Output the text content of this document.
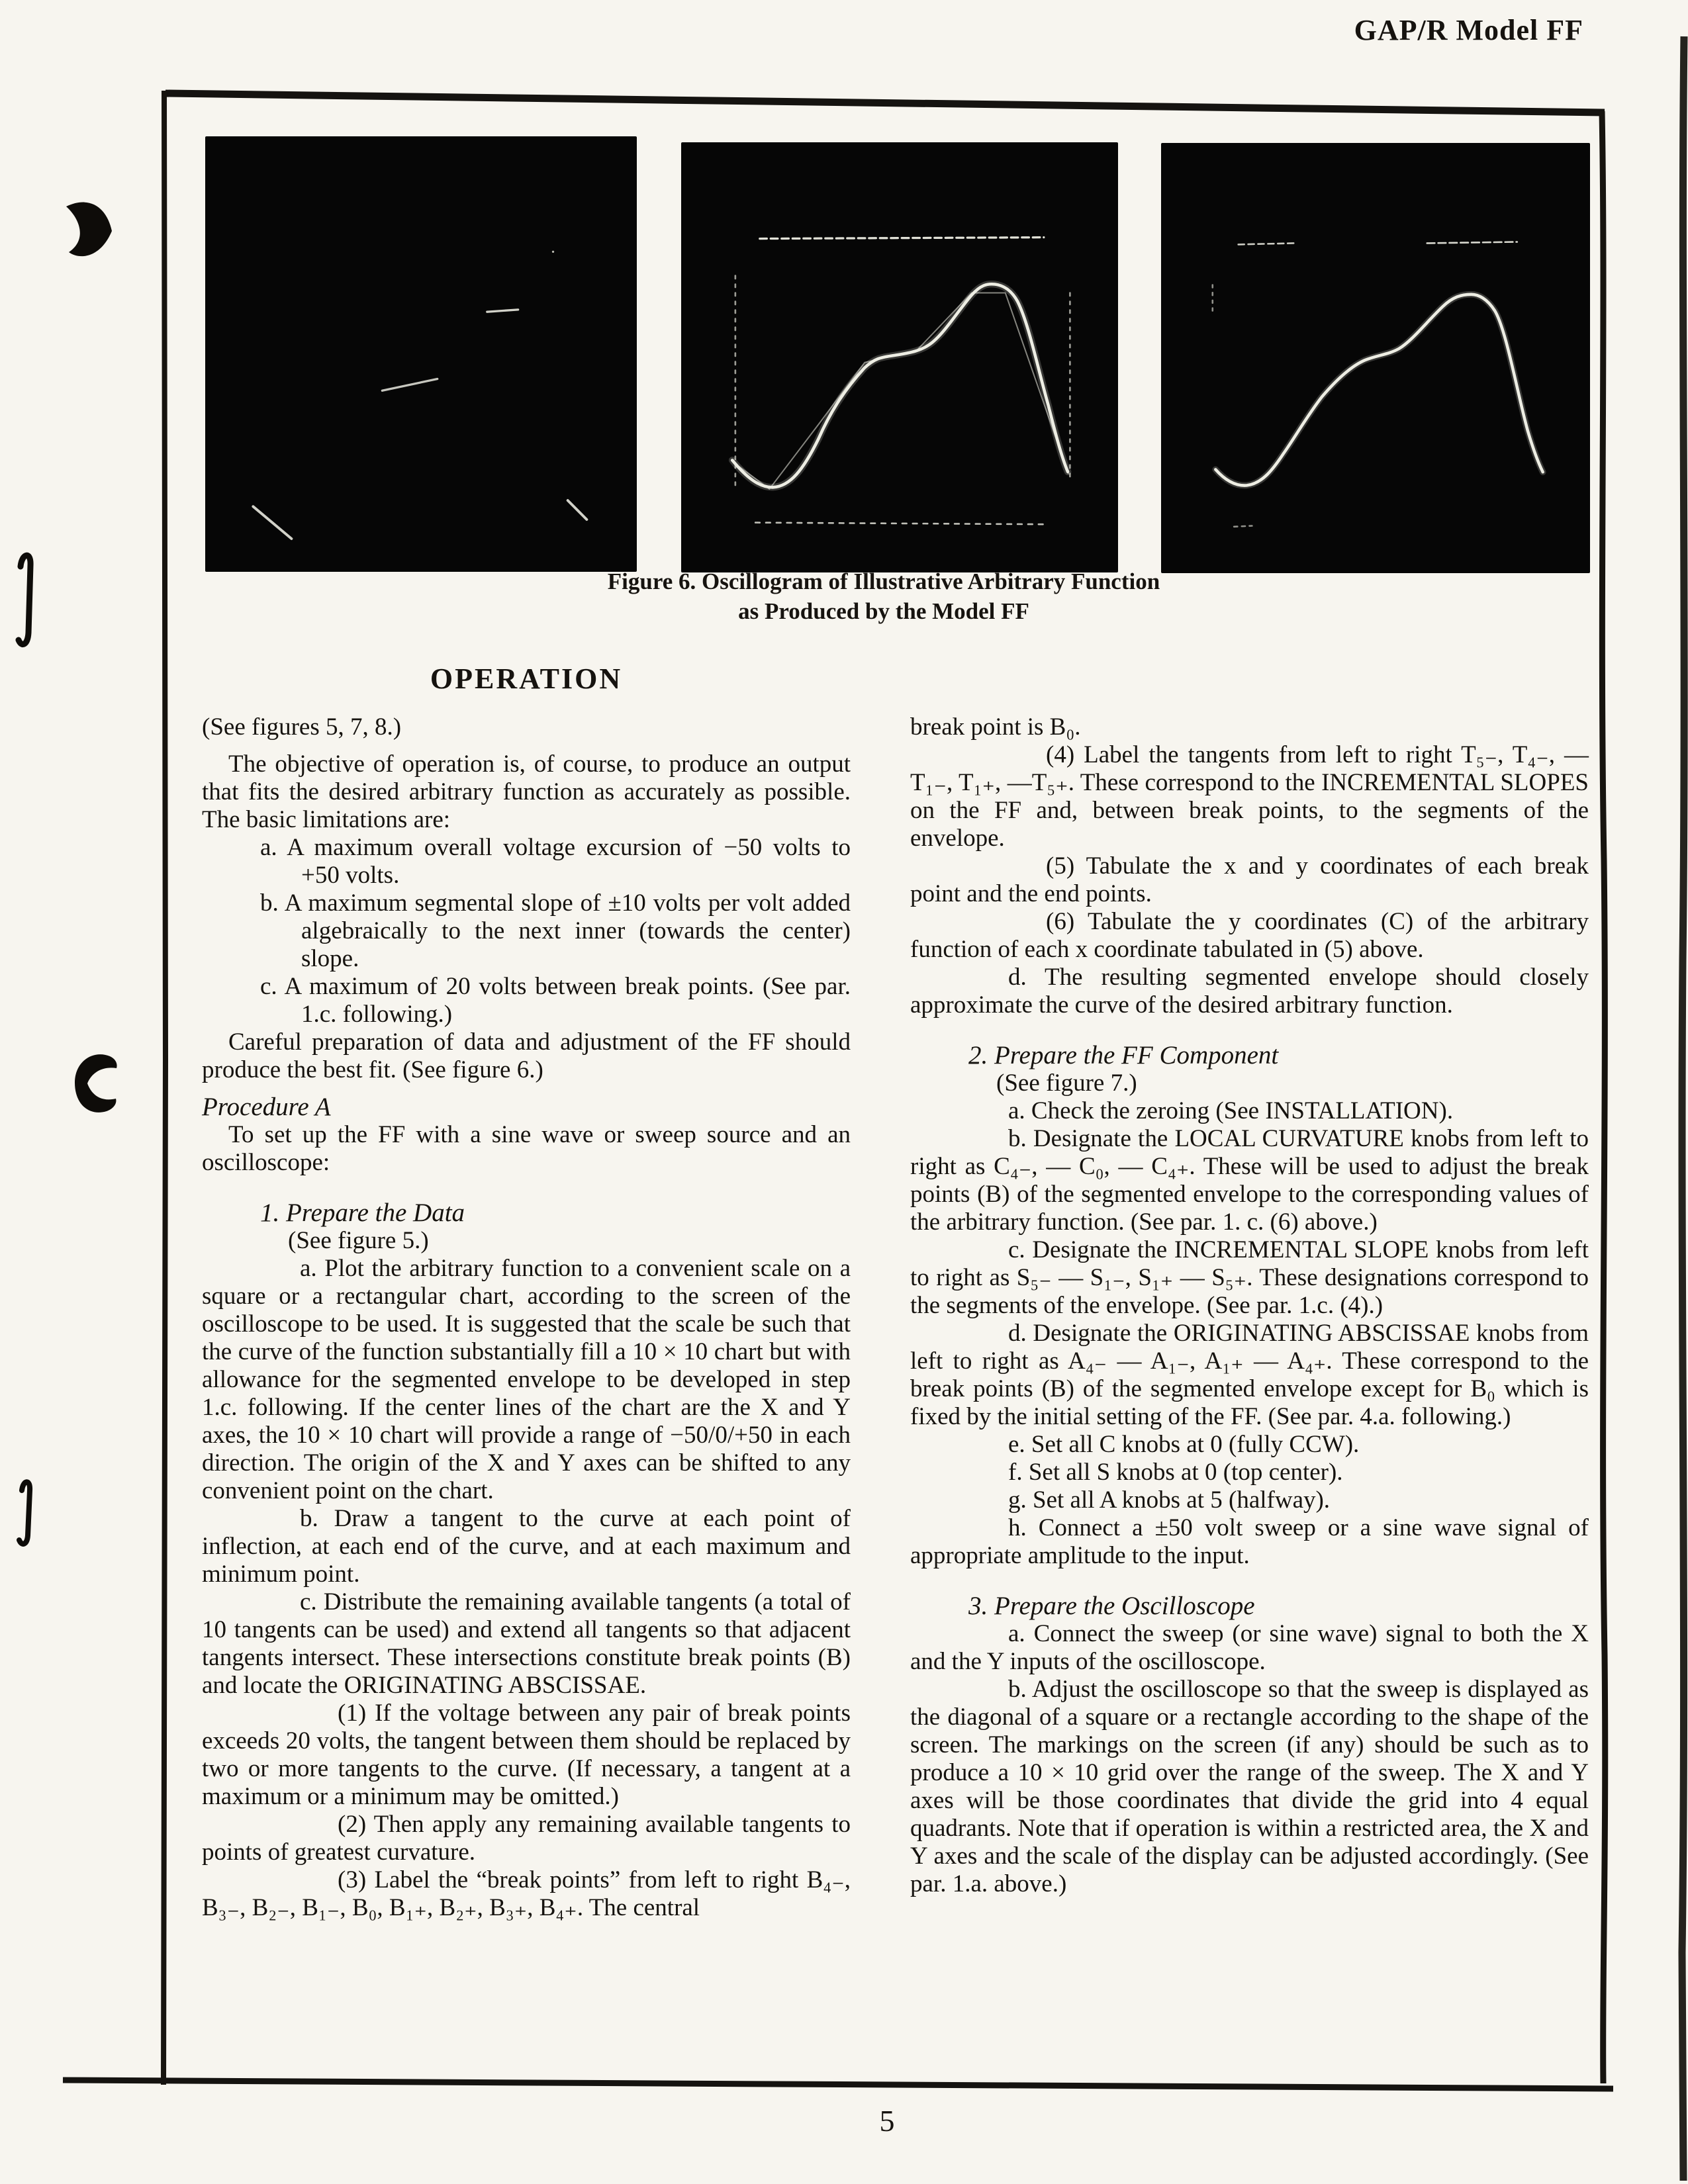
GAP/R Model FF
Figure 6. Oscillogram of Illustrative Arbitrary Function
as Produced by the Model FF
OPERATION

(See figures 5, 7, 8.)

The objective of operation is, of course, to produce an output that fits the desired arbitrary function as accurately as possible. The basic limitations are:

a. A maximum overall voltage excursion of −50 volts to +50 volts.

b. A maximum segmental slope of ±10 volts per volt added algebraically to the next inner (towards the center) slope.

c. A maximum of 20 volts between break points. (See par. 1.c. following.)

Careful preparation of data and adjustment of the FF should produce the best fit. (See figure 6.)

Procedure A

To set up the FF with a sine wave or sweep source and an oscilloscope:

1. Prepare the Data

(See figure 5.)

a. Plot the arbitrary function to a convenient scale on a square or a rectangular chart, according to the screen of the oscilloscope to be used. It is suggested that the scale be such that the curve of the function substantially fill a 10 × 10 chart but with allowance for the segmented envelope to be developed in step 1.c. following. If the center lines of the chart are the X and Y axes, the 10 × 10 chart will provide a range of −50/0/+50 in each direction. The origin of the X and Y axes can be shifted to any convenient point on the chart.

b. Draw a tangent to the curve at each point of inflection, at each end of the curve, and at each maximum and minimum point.

c. Distribute the remaining available tangents (a total of 10 tangents can be used) and extend all tangents so that adjacent tangents intersect. These intersections constitute break points (B) and locate the ORIGINATING ABSCISSAE.

(1) If the voltage between any pair of break points exceeds 20 volts, the tangent between them should be replaced by two or more tangents to the curve. (If necessary, a tangent at a maximum or a minimum may be omitted.)

(2) Then apply any remaining available tangents to points of greatest curvature.

(3) Label the “break points” from left to right B₄₋, B₃₋, B₂₋, B₁₋, B₀, B₁₊, B₂₊, B₃₊, B₄₊. The central

break point is B₀.

(4) Label the tangents from left to right T₅₋, T₄₋, — T₁₋, T₁₊, —T₅₊. These correspond to the INCREMENTAL SLOPES on the FF and, between break points, to the segments of the envelope.

(5) Tabulate the x and y coordinates of each break point and the end points.

(6) Tabulate the y coordinates (C) of the arbitrary function of each x coordinate tabulated in (5) above.

d. The resulting segmented envelope should closely approximate the curve of the desired arbitrary function.

2. Prepare the FF Component

(See figure 7.)

a. Check the zeroing (See INSTALLATION).

b. Designate the LOCAL CURVATURE knobs from left to right as C₄₋, — C₀, — C₄₊. These will be used to adjust the break points (B) of the segmented envelope to the corresponding values of the arbitrary function. (See par. 1. c. (6) above.)

c. Designate the INCREMENTAL SLOPE knobs from left to right as S₅₋ — S₁₋, S₁₊ — S₅₊. These designations correspond to the segments of the envelope. (See par. 1.c. (4).)

d. Designate the ORIGINATING ABSCISSAE knobs from left to right as A₄₋ — A₁₋, A₁₊ — A₄₊. These correspond to the break points (B) of the segmented envelope except for B₀ which is fixed by the initial setting of the FF. (See par. 4.a. following.)

e. Set all C knobs at 0 (fully CCW).

f. Set all S knobs at 0 (top center).

g. Set all A knobs at 5 (halfway).

h. Connect a ±50 volt sweep or a sine wave signal of appropriate amplitude to the input.

3. Prepare the Oscilloscope

a. Connect the sweep (or sine wave) signal to both the X and the Y inputs of the oscilloscope.

b. Adjust the oscilloscope so that the sweep is displayed as the diagonal of a square or a rectangle according to the shape of the screen. The markings on the screen (if any) should be such as to produce a 10 × 10 grid over the range of the sweep. The X and Y axes will be those coordinates that divide the grid into 4 equal quadrants. Note that if operation is within a restricted area, the X and Y axes and the scale of the display can be adjusted accordingly. (See par. 1.a. above.)

5
